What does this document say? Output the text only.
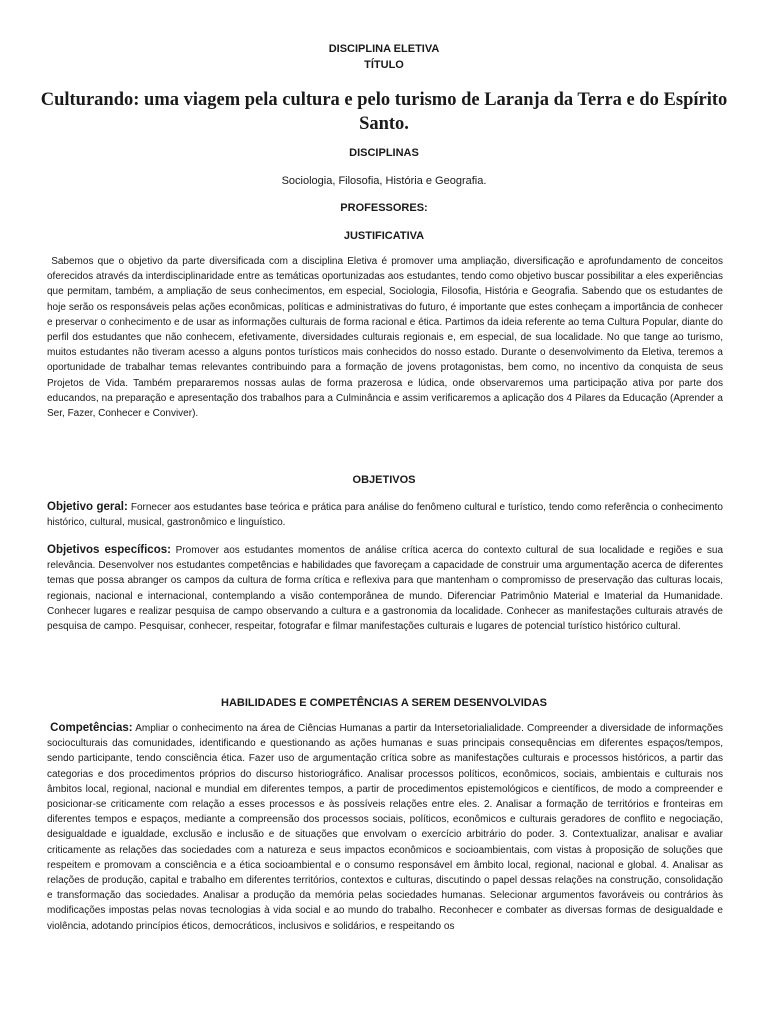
DISCIPLINA ELETIVA
TÍTULO
Culturando: uma viagem pela cultura e pelo turismo de Laranja da Terra e do Espírito Santo.
DISCIPLINAS
Sociologia, Filosofia, História e Geografia.
PROFESSORES:
JUSTIFICATIVA
Sabemos que o objetivo da parte diversificada com a disciplina Eletiva é promover uma ampliação, diversificação e aprofundamento de conceitos oferecidos através da interdisciplinaridade entre as temáticas oportunizadas aos estudantes, tendo como objetivo buscar possibilitar a eles experiências que permitam, também, a ampliação de seus conhecimentos, em especial, Sociologia, Filosofia, História e Geografia. Sabendo que os estudantes de hoje serão os responsáveis pelas ações econômicas, políticas e administrativas do futuro, é importante que estes conheçam a importância de conhecer e preservar o conhecimento e de usar as informações culturais de forma racional e ética. Partimos da ideia referente ao tema Cultura Popular, diante do perfil dos estudantes que não conhecem, efetivamente, diversidades culturais regionais e, em especial, de sua localidade. No que tange ao turismo, muitos estudantes não tiveram acesso a alguns pontos turísticos mais conhecidos do nosso estado. Durante o desenvolvimento da Eletiva, teremos a oportunidade de trabalhar temas relevantes contribuindo para a formação de jovens protagonistas, bem como, no incentivo da conquista de seus Projetos de Vida. Também prepararemos nossas aulas de forma prazerosa e lúdica, onde observaremos uma participação ativa por parte dos educandos, na preparação e apresentação dos trabalhos para a Culminância e assim verificaremos a aplicação dos 4 Pilares da Educação (Aprender a Ser, Fazer, Conhecer e Conviver).
OBJETIVOS
Objetivo geral: Fornecer aos estudantes base teórica e prática para análise do fenômeno cultural e turístico, tendo como referência o conhecimento histórico, cultural, musical, gastronômico e linguístico.
Objetivos específicos: Promover aos estudantes momentos de análise crítica acerca do contexto cultural de sua localidade e regiões e sua relevância. Desenvolver nos estudantes competências e habilidades que favoreçam a capacidade de construir uma argumentação acerca de diferentes temas que possa abranger os campos da cultura de forma crítica e reflexiva para que mantenham o compromisso de preservação das culturas locais, regionais, nacional e internacional, contemplando a visão contemporânea de mundo. Diferenciar Patrimônio Material e Imaterial da Humanidade. Conhecer lugares e realizar pesquisa de campo observando a cultura e a gastronomia da localidade. Conhecer as manifestações culturais através de pesquisa de campo. Pesquisar, conhecer, respeitar, fotografar e filmar manifestações culturais e lugares de potencial turístico histórico cultural.
HABILIDADES E COMPETÊNCIAS A SEREM DESENVOLVIDAS
Competências: Ampliar o conhecimento na área de Ciências Humanas a partir da Intersetorialialidade. Compreender a diversidade de informações socioculturais das comunidades, identificando e questionando as ações humanas e suas principais consequências em diferentes espaços/tempos, sendo participante, tendo consciência ética. Fazer uso de argumentação crítica sobre as manifestações culturais e processos históricos, a partir das categorias e dos procedimentos próprios do discurso historiográfico. Analisar processos políticos, econômicos, sociais, ambientais e culturais nos âmbitos local, regional, nacional e mundial em diferentes tempos, a partir de procedimentos epistemológicos e científicos, de modo a compreender e posicionar-se criticamente com relação a esses processos e às possíveis relações entre eles. 2. Analisar a formação de territórios e fronteiras em diferentes tempos e espaços, mediante a compreensão dos processos sociais, políticos, econômicos e culturais geradores de conflito e negociação, desigualdade e igualdade, exclusão e inclusão e de situações que envolvam o exercício arbitrário do poder. 3. Contextualizar, analisar e avaliar criticamente as relações das sociedades com a natureza e seus impactos econômicos e socioambientais, com vistas à proposição de soluções que respeitem e promovam a consciência e a ética socioambiental e o consumo responsável em âmbito local, regional, nacional e global. 4. Analisar as relações de produção, capital e trabalho em diferentes territórios, contextos e culturas, discutindo o papel dessas relações na construção, consolidação e transformação das sociedades. Analisar a produção da memória pelas sociedades humanas. Selecionar argumentos favoráveis ou contrários às modificações impostas pelas novas tecnologias à vida social e ao mundo do trabalho. Reconhecer e combater as diversas formas de desigualdade e violência, adotando princípios éticos, democráticos, inclusivos e solidários, e respeitando os
